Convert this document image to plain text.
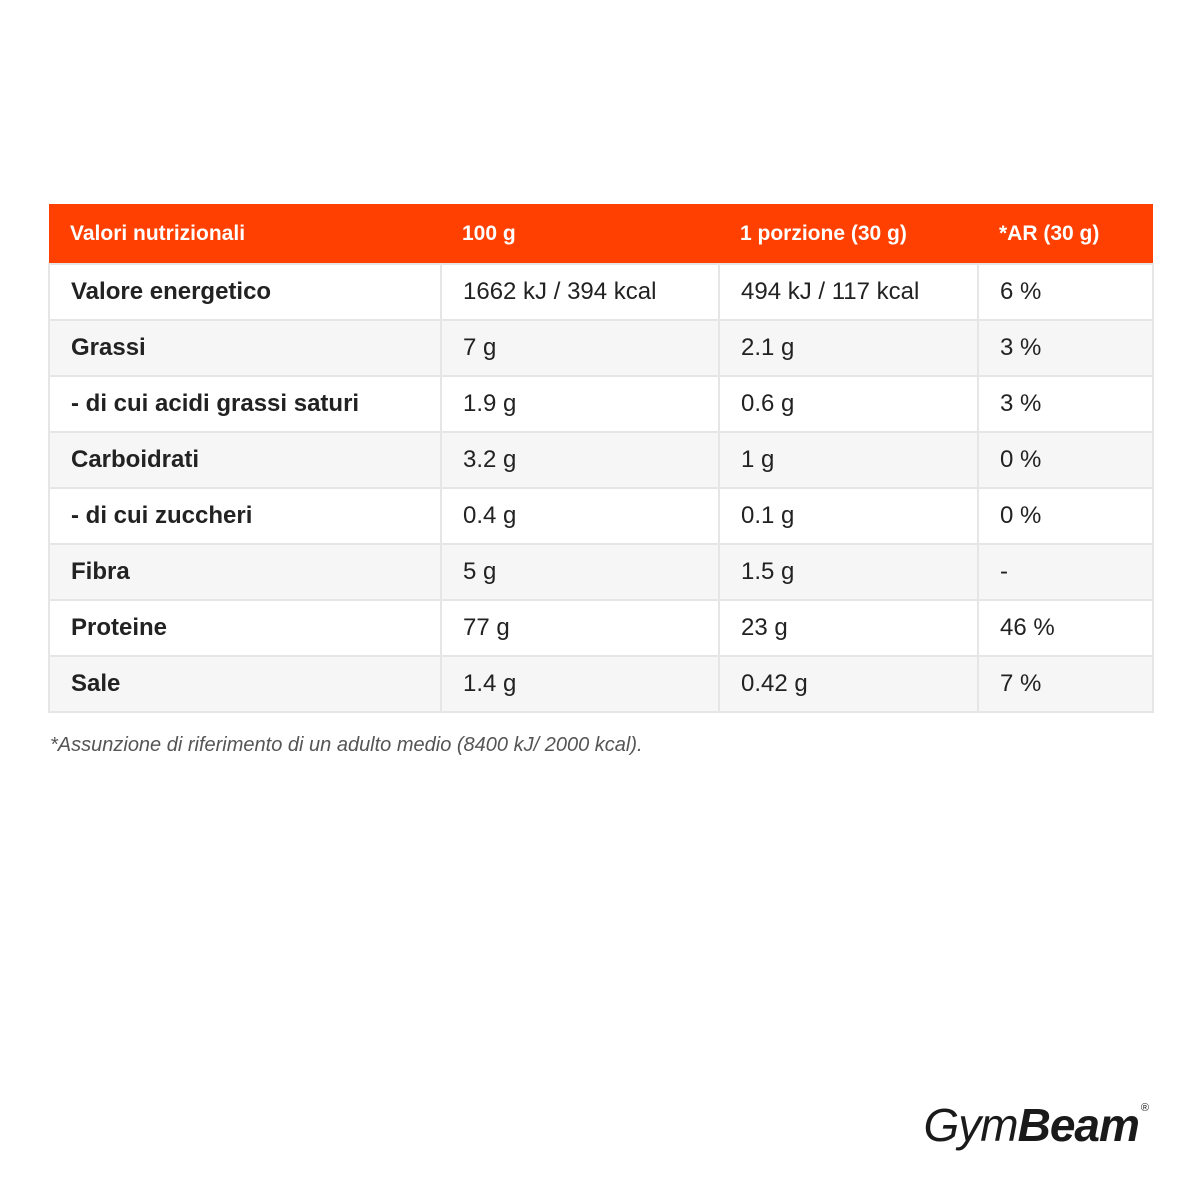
Valori nutrizionali	100 g	1 porzione (30 g)	*AR (30 g)
Valore energetico	1662 kJ / 394 kcal	494 kJ / 117 kcal	6 %
Grassi	7 g	2.1 g	3 %
- di cui acidi grassi saturi	1.9 g	0.6 g	3 %
Carboidrati	3.2 g	1 g	0 %
- di cui zuccheri	0.4 g	0.1 g	0 %
Fibra	5 g	1.5 g	-
Proteine	77 g	23 g	46 %
Sale	1.4 g	0.42 g	7 %
*Assunzione di riferimento di un adulto medio (8400 kJ/ 2000 kcal).
GymBeam ®
